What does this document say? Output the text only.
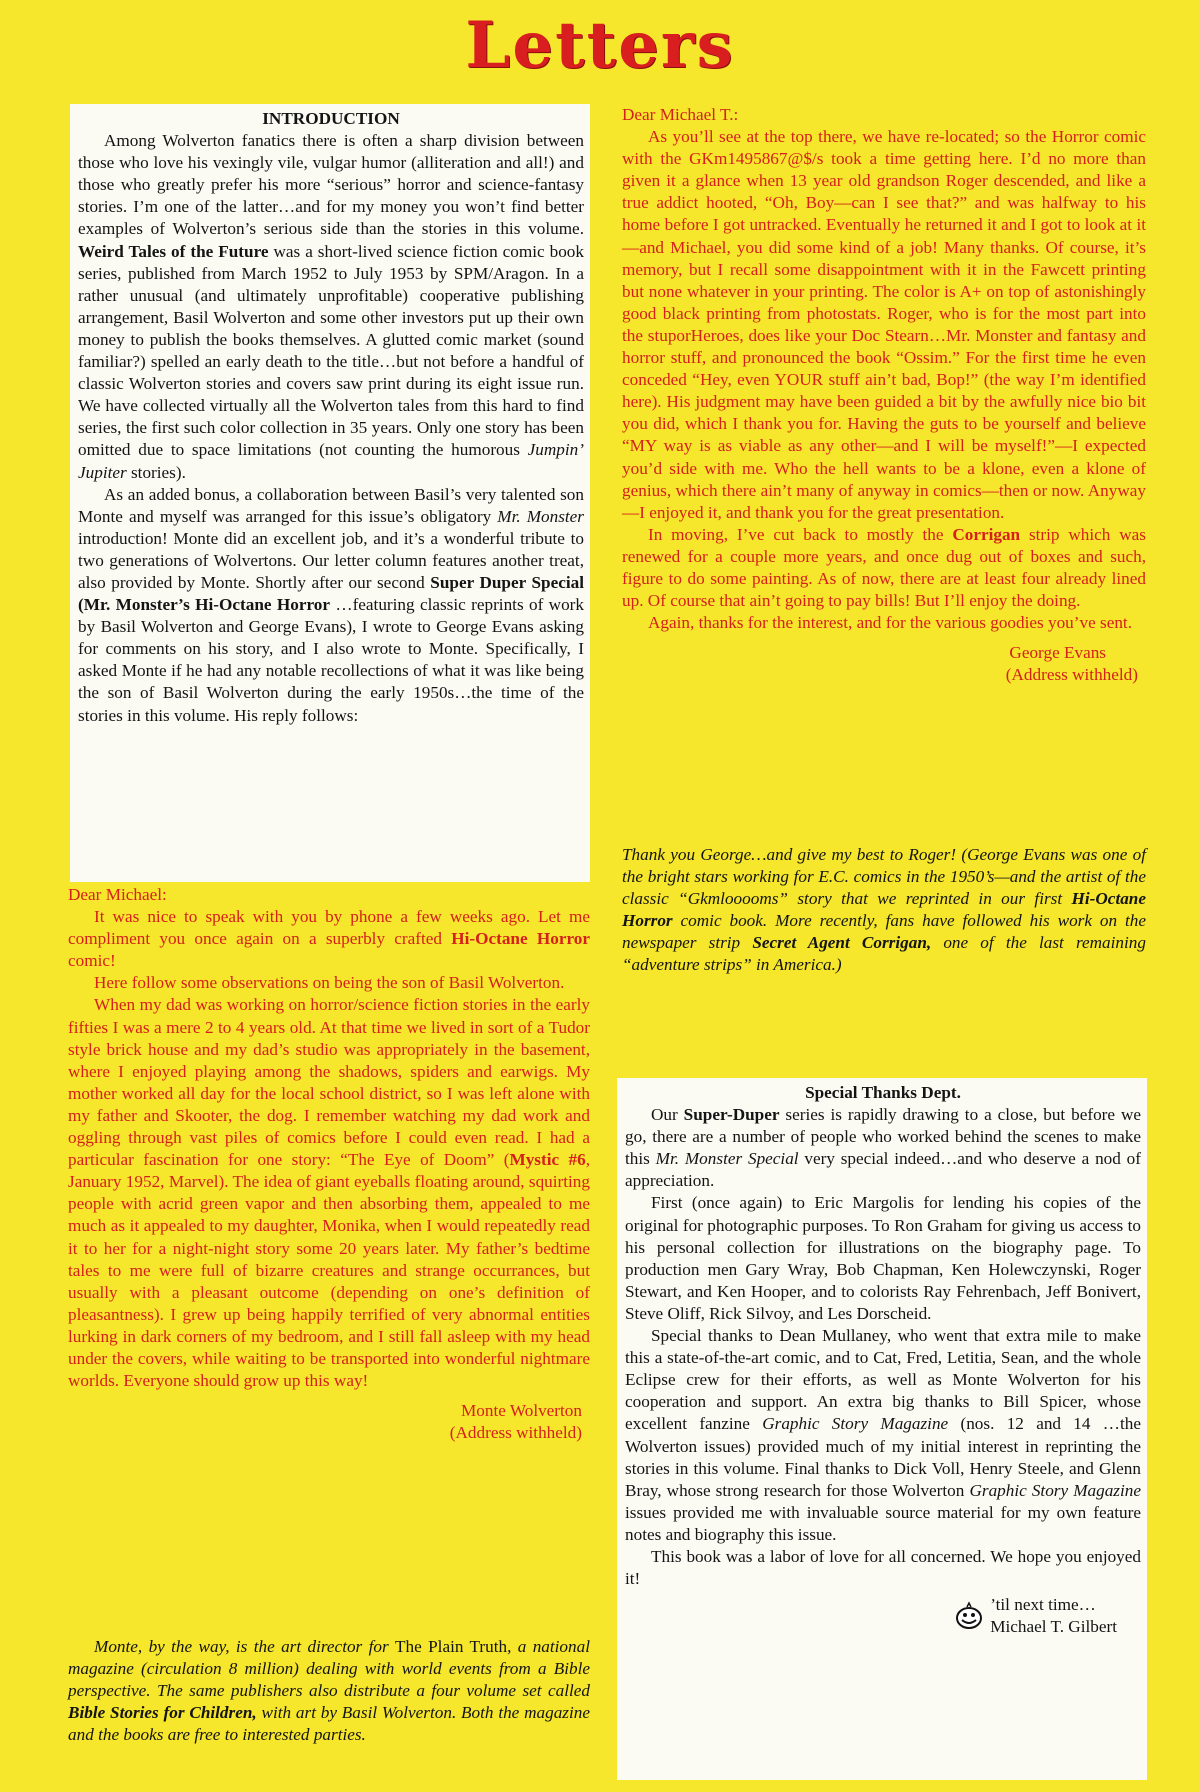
Letters

INTRODUCTION

Among Wolverton fanatics there is often a sharp division between those who love his vexingly vile, vulgar humor (alliteration and all!) and those who greatly prefer his more “serious” horror and science-fantasy stories. I’m one of the latter…and for my money you won’t find better examples of Wolverton’s serious side than the stories in this volume. Weird Tales of the Future was a short-lived science fiction comic book series, published from March 1952 to July 1953 by SPM/Aragon. In a rather unusual (and ultimately unprofitable) cooperative publishing arrangement, Basil Wolverton and some other investors put up their own money to publish the books themselves. A glutted comic market (sound familiar?) spelled an early death to the title…but not before a handful of classic Wolverton stories and covers saw print during its eight issue run. We have collected virtually all the Wolverton tales from this hard to find series, the first such color collection in 35 years. Only one story has been omitted due to space limitations (not counting the humorous Jumpin’ Jupiter stories).

As an added bonus, a collaboration between Basil’s very talented son Monte and myself was arranged for this issue’s obligatory Mr. Monster introduction! Monte did an excellent job, and it’s a wonderful tribute to two generations of Wolvertons. Our letter column features another treat, also provided by Monte. Shortly after our second Super Duper Special (Mr. Monster’s Hi-Octane Horror …featuring classic reprints of work by Basil Wolverton and George Evans), I wrote to George Evans asking for comments on his story, and I also wrote to Monte. Specifically, I asked Monte if he had any notable recollections of what it was like being the son of Basil Wolverton during the early 1950s…the time of the stories in this volume. His reply follows:

Dear Michael:

It was nice to speak with you by phone a few weeks ago. Let me compliment you once again on a superbly crafted Hi-Octane Horror comic!

Here follow some observations on being the son of Basil Wolverton.

When my dad was working on horror/science fiction stories in the early fifties I was a mere 2 to 4 years old. At that time we lived in sort of a Tudor style brick house and my dad’s studio was appropriately in the basement, where I enjoyed playing among the shadows, spiders and earwigs. My mother worked all day for the local school district, so I was left alone with my father and Skooter, the dog. I remember watching my dad work and oggling through vast piles of comics before I could even read. I had a particular fascination for one story: “The Eye of Doom” (Mystic #6, January 1952, Marvel). The idea of giant eyeballs floating around, squirting people with acrid green vapor and then absorbing them, appealed to me much as it appealed to my daughter, Monika, when I would repeatedly read it to her for a night-night story some 20 years later. My father’s bedtime tales to me were full of bizarre creatures and strange occurrances, but usually with a pleasant outcome (depending on one’s definition of pleasantness). I grew up being happily terrified of very abnormal entities lurking in dark corners of my bedroom, and I still fall asleep with my head under the covers, while waiting to be transported into wonderful nightmare worlds. Everyone should grow up this way!

Monte Wolverton

(Address withheld)

Monte, by the way, is the art director for The Plain Truth, a national magazine (circulation 8 million) dealing with world events from a Bible perspective. The same publishers also distribute a four volume set called Bible Stories for Children, with art by Basil Wolverton. Both the magazine and the books are free to interested parties.

Dear Michael T.:

As you’ll see at the top there, we have re-located; so the Horror comic with the GKm1495867@$/s took a time getting here. I’d no more than given it a glance when 13 year old grandson Roger descended, and like a true addict hooted, “Oh, Boy—can I see that?” and was halfway to his home before I got untracked. Eventually he returned it and I got to look at it—and Michael, you did some kind of a job! Many thanks. Of course, it’s memory, but I recall some disappointment with it in the Fawcett printing but none whatever in your printing. The color is A+ on top of astonishingly good black printing from photostats. Roger, who is for the most part into the stuporHeroes, does like your Doc Stearn…Mr. Monster and fantasy and horror stuff, and pronounced the book “Ossim.” For the first time he even conceded “Hey, even YOUR stuff ain’t bad, Bop!” (the way I’m identified here). His judgment may have been guided a bit by the awfully nice bio bit you did, which I thank you for. Having the guts to be yourself and believe “MY way is as viable as any other—and I will be myself!”—I expected you’d side with me. Who the hell wants to be a klone, even a klone of genius, which there ain’t many of anyway in comics—then or now. Anyway—I enjoyed it, and thank you for the great presentation.

In moving, I’ve cut back to mostly the Corrigan strip which was renewed for a couple more years, and once dug out of boxes and such, figure to do some painting. As of now, there are at least four already lined up. Of course that ain’t going to pay bills! But I’ll enjoy the doing.

Again, thanks for the interest, and for the various goodies you’ve sent.

George Evans

(Address withheld)

Thank you George…and give my best to Roger! (George Evans was one of the bright stars working for E.C. comics in the 1950’s—and the artist of the classic “Gkmlooooms” story that we reprinted in our first Hi-Octane Horror comic book. More recently, fans have followed his work on the newspaper strip Secret Agent Corrigan, one of the last remaining “adventure strips” in America.)

Special Thanks Dept.

Our Super-Duper series is rapidly drawing to a close, but before we go, there are a number of people who worked behind the scenes to make this Mr. Monster Special very special indeed…and who deserve a nod of appreciation.

First (once again) to Eric Margolis for lending his copies of the original for photographic purposes. To Ron Graham for giving us access to his personal collection for illustrations on the biography page. To production men Gary Wray, Bob Chapman, Ken Holewczynski, Roger Stewart, and Ken Hooper, and to colorists Ray Fehrenbach, Jeff Bonivert, Steve Oliff, Rick Silvoy, and Les Dorscheid.

Special thanks to Dean Mullaney, who went that extra mile to make this a state-of-the-art comic, and to Cat, Fred, Letitia, Sean, and the whole Eclipse crew for their efforts, as well as Monte Wolverton for his cooperation and support. An extra big thanks to Bill Spicer, whose excellent fanzine Graphic Story Magazine (nos. 12 and 14 …the Wolverton issues) provided much of my initial interest in reprinting the stories in this volume. Final thanks to Dick Voll, Henry Steele, and Glenn Bray, whose strong research for those Wolverton Graphic Story Magazine issues provided me with invaluable source material for my own feature notes and biography this issue.

This book was a labor of love for all concerned. We hope you enjoyed it!

’til next time…
Michael T. Gilbert
